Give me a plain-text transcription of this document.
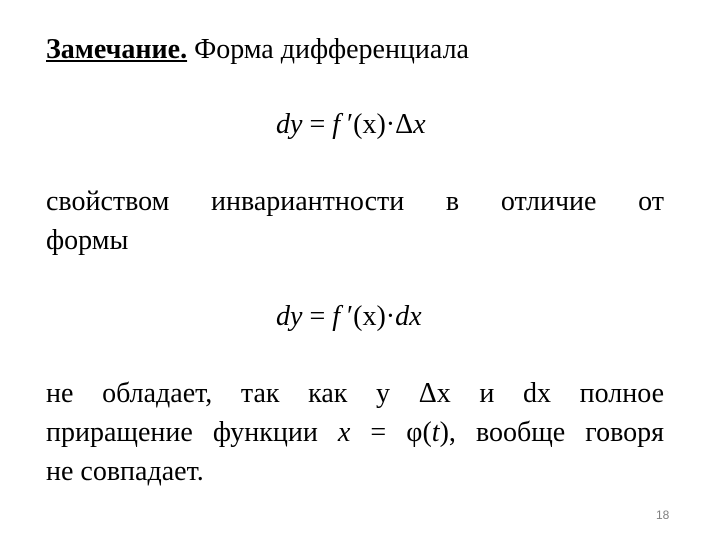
Замечание. Форма дифференциала
dy = f ′(x)·Δx
свойством инвариантности в отличие от
формы
dy = f ′(x)·dx
не обладает, так как у Δx и dx полное
приращение функции x = φ(t), вообще говоря
не совпадает.
18
